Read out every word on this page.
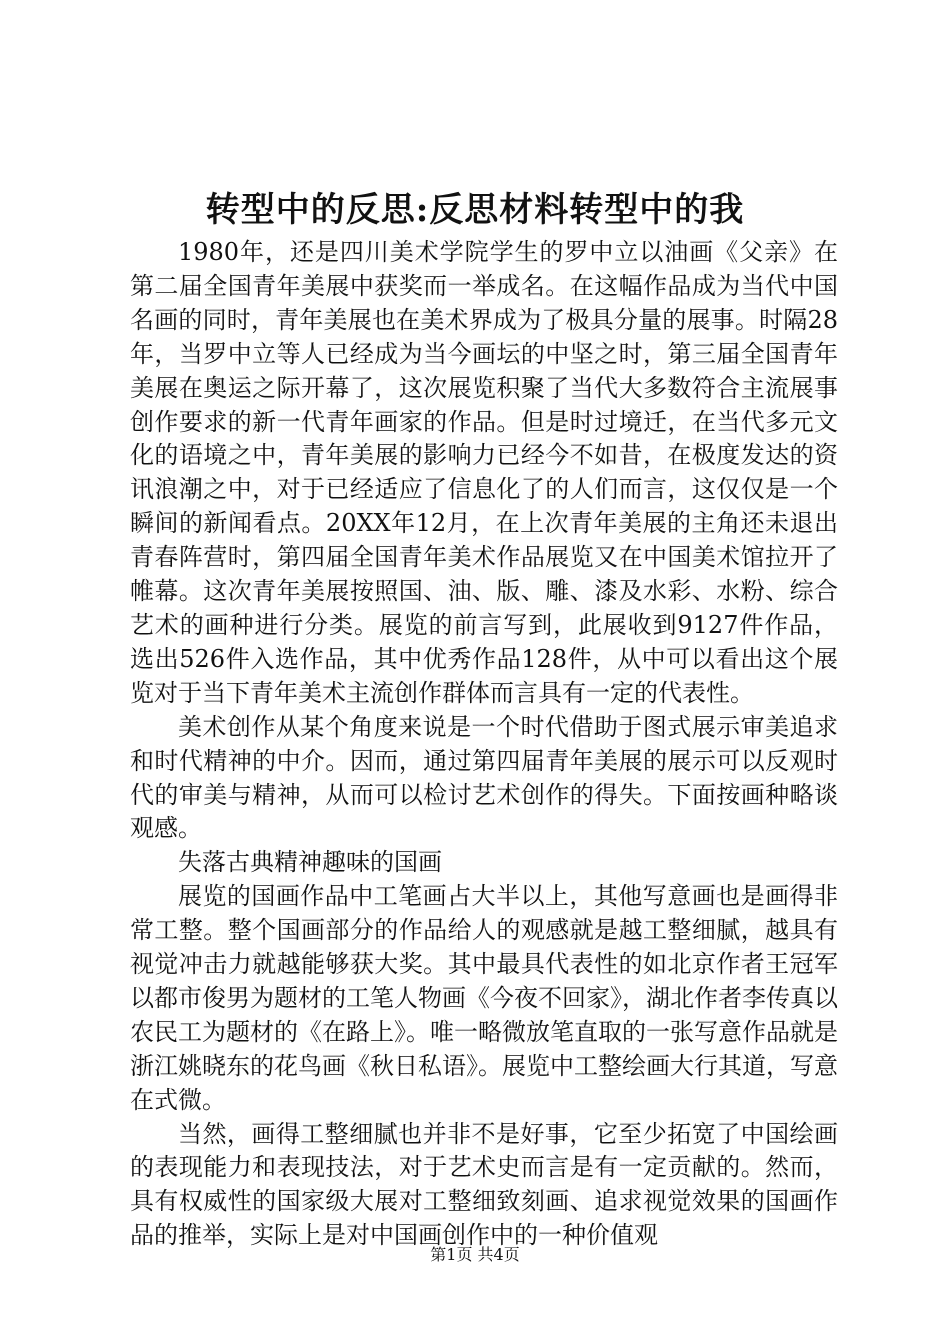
转型中的反思:反思材料转型中的我

1980年，还是四川美术学院学生的罗中立以油画《父亲》在第二届全国青年美展中获奖而一举成名。在这幅作品成为当代中国名画的同时，青年美展也在美术界成为了极具分量的展事。时隔28年，当罗中立等人已经成为当今画坛的中坚之时，第三届全国青年美展在奥运之际开幕了，这次展览积聚了当代大多数符合主流展事创作要求的新一代青年画家的作品。但是时过境迁，在当代多元文化的语境之中，青年美展的影响力已经今不如昔，在极度发达的资讯浪潮之中，对于已经适应了信息化了的人们而言，这仅仅是一个瞬间的新闻看点。20XX年12月，在上次青年美展的主角还未退出青春阵营时，第四届全国青年美术作品展览又在中国美术馆拉开了帷幕。这次青年美展按照国、油、版、雕、漆及水彩、水粉、综合艺术的画种进行分类。展览的前言写到，此展收到9127件作品，选出526件入选作品，其中优秀作品128件，从中可以看出这个展览对于当下青年美术主流创作群体而言具有一定的代表性。

美术创作从某个角度来说是一个时代借助于图式展示审美追求和时代精神的中介。因而，通过第四届青年美展的展示可以反观时代的审美与精神，从而可以检讨艺术创作的得失。下面按画种略谈观感。

失落古典精神趣味的国画

展览的国画作品中工笔画占大半以上，其他写意画也是画得非常工整。整个国画部分的作品给人的观感就是越工整细腻，越具有视觉冲击力就越能够获大奖。其中最具代表性的如北京作者王冠军以都市俊男为题材的工笔人物画《今夜不回家》，湖北作者李传真以农民工为题材的《在路上》。唯一略微放笔直取的一张写意作品就是浙江姚晓东的花鸟画《秋日私语》。展览中工整绘画大行其道，写意在式微。

当然，画得工整细腻也并非不是好事，它至少拓宽了中国绘画的表现能力和表现技法，对于艺术史而言是有一定贡献的。然而，具有权威性的国家级大展对工整细致刻画、追求视觉效果的国画作品的推举，实际上是对中国画创作中的一种价值观

第1页 共4页
